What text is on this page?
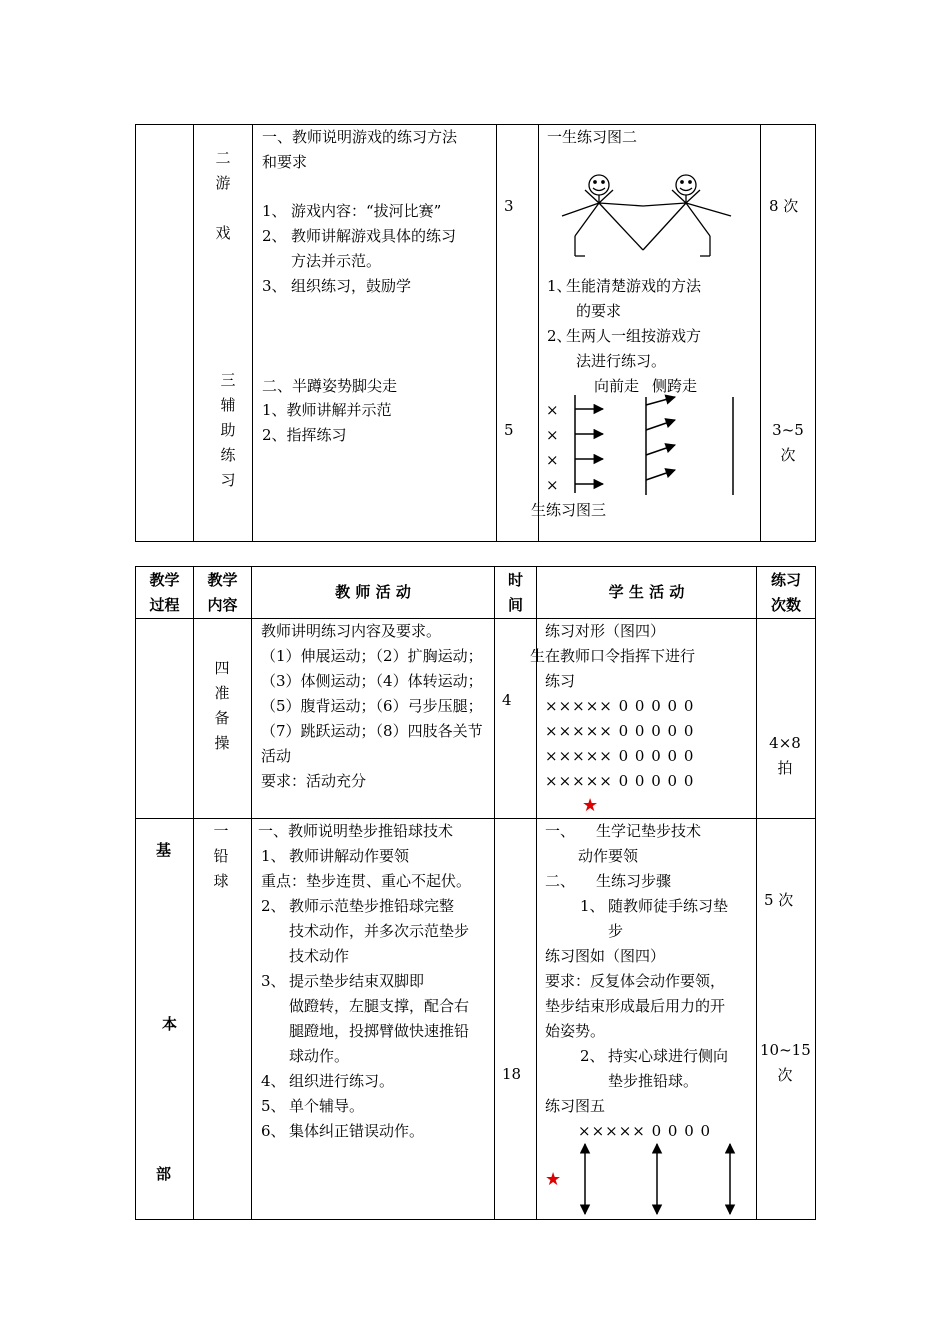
二
游
戏
三
辅
助
练
习
一、教师说明游戏的练习方法
和要求
1、 游戏内容：“拔河比赛”
2、 教师讲解游戏具体的练习
方法并示范。
3、 组织练习，鼓励学
二、半蹲姿势脚尖走
1、教师讲解并示范
2、指挥练习
3
5
一生练习图二
1、
生能清楚游戏的方法
的要求
2、
生两人一组按游戏方
法进行练习。
向前走 侧跨走
×
×
×
×
生练习图三
8 次
3~5
次
教学
过程
教学
内容
教 师 活 动
时
间
学 生 活 动
练习
次数
四
准
备
操
教师讲明练习内容及要求。
（1）伸展运动；（2）扩胸运动；
（3）体侧运动；（4）体转运动；
（5）腹背运动；（6）弓步压腿；
（7）跳跃运动；（8）四肢各关节
活动
要求：活动充分
4
练习对形（图四）
生在教师口令指挥下进行
练习
××××× 0 0 0 0 0
××××× 0 0 0 0 0
××××× 0 0 0 0 0
××××× 0 0 0 0 0
★
4×8
拍
基
本
部
一
铅
球
一、教师说明垫步推铅球技术
1、 教师讲解动作要领
重点：垫步连贯、重心不起伏。
2、 教师示范垫步推铅球完整
技术动作，并多次示范垫步
技术动作
3、 提示垫步结束双脚即
做蹬转，左腿支撑，配合右
腿蹬地，投掷臂做快速推铅
球动作。
4、 组织进行练习。
5、 单个辅导。
6、 集体纠正错误动作。
18
一、 生学记垫步技术
动作要领
二、 生练习步骤
1、 随教师徒手练习垫
步
练习图如（图四）
要求：反复体会动作要领，
垫步结束形成最后用力的开
始姿势。
2、 持实心球进行侧向
垫步推铅球。
练习图五
××××× 0 0 0 0
★
5 次
10~15
次
